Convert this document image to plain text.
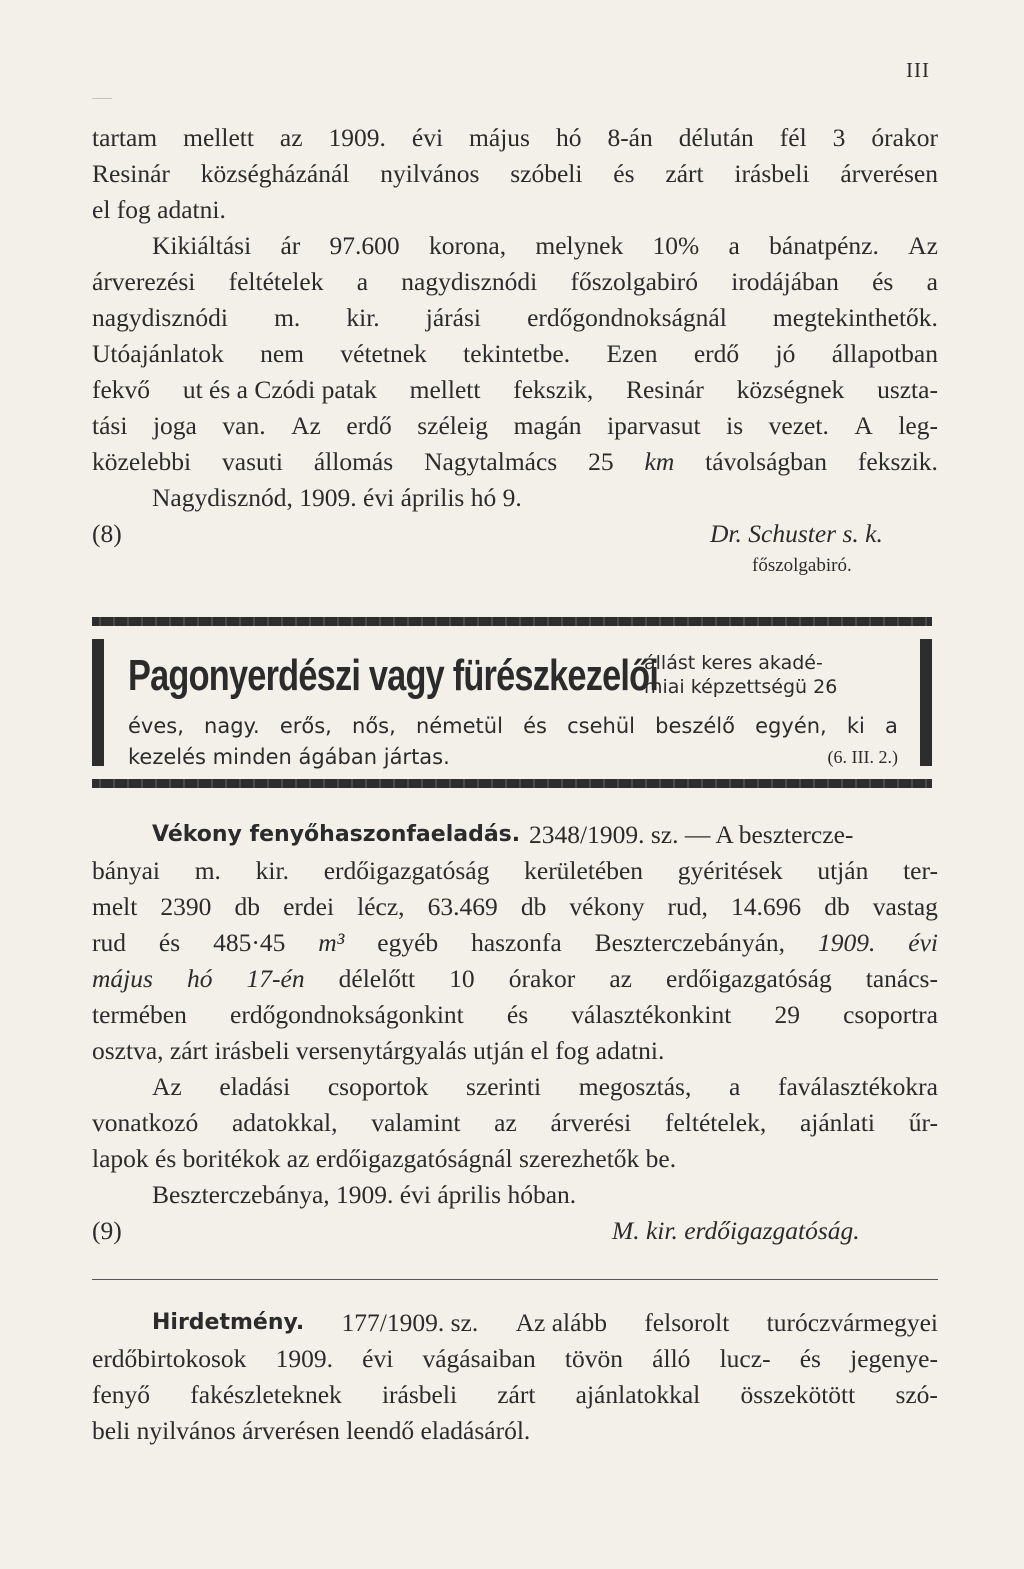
III
tartam mellett az 1909. évi május hó 8-án délután fél 3 órakor
Resinár községházánál nyilvános szóbeli és zárt irásbeli árverésen
el fog adatni.
Kikiáltási ár 97.600 korona, melynek 10% a bánatpénz. Az
árverezési feltételek a nagydisznódi főszolgabiró irodájában és a
nagydisznódi m. kir. járási erdőgondnokságnál megtekinthetők.
Utóajánlatok nem vétetnek tekintetbe. Ezen erdő jó állapotban
fekvő ut és a Czódi patak mellett fekszik, Resinár községnek uszta-
tási joga van. Az erdő széleig magán iparvasut is vezet. A leg-
közelebbi vasuti állomás Nagytalmács 25 km távolságban fekszik.
Nagydisznód, 1909. évi április hó 9.
(8)	Dr. Schuster s. k.
főszolgabiró.
Pagonyerdészi vagy fürészkezelői
állást keres akadé-
miai képzettségü 26
éves, nagy. erős, nős, németül és csehül beszélő egyén, ki a
kezelés minden ágában jártas.	(6. III. 2.)
Vékony fenyőhaszonfaeladás. 2348/1909. sz. — A besztercze-
bányai m. kir. erdőigazgatóság kerületében gyéritések utján ter-
melt 2390 db erdei lécz, 63.469 db vékony rud, 14.696 db vastag
rud és 485·45 m³ egyéb haszonfa Beszterczebányán, 1909. évi
május hó 17-én délelőtt 10 órakor az erdőigazgatóság tanács-
termében erdőgondnokságonkint és választékonkint 29 csoportra
osztva, zárt irásbeli versenytárgyalás utján el fog adatni.
Az eladási csoportok szerinti megosztás, a faválasztékokra
vonatkozó adatokkal, valamint az árverési feltételek, ajánlati űr-
lapok és boritékok az erdőigazgatóságnál szerezhetők be.
Beszterczebánya, 1909. évi április hóban.
(9)	M. kir. erdőigazgatóság.
Hirdetmény. 177/1909. sz. Az alább felsorolt turóczvármegyei
erdőbirtokosok 1909. évi vágásaiban tövön álló lucz- és jegenye-
fenyő fakészleteknek irásbeli zárt ajánlatokkal összekötött szó-
beli nyilvános árverésen leendő eladásáról.
